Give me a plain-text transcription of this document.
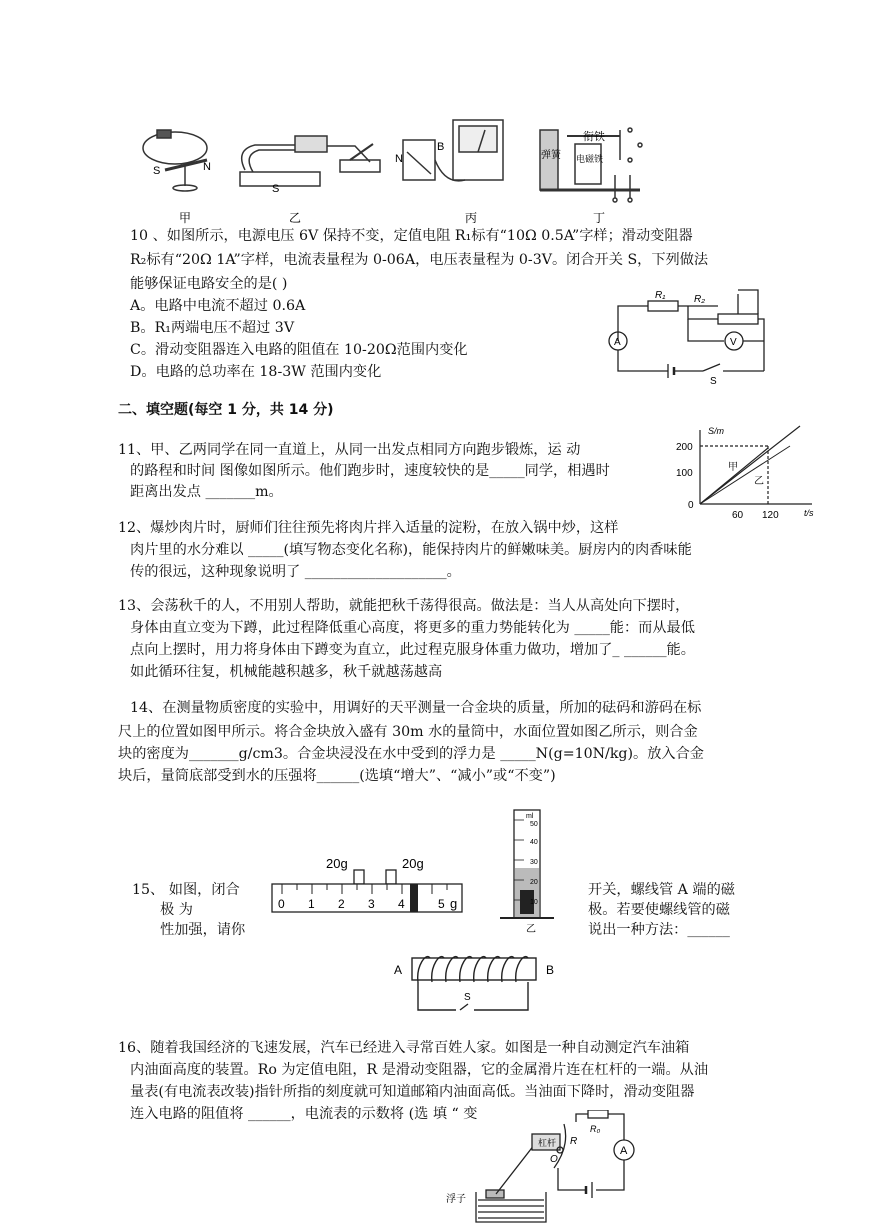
S	N
S
N
B
衔铁
弹簧 电磁铁
甲	乙	丙	丁
10 、如图所示，电源电压 6V 保持不变，定值电阻 R₁标有“10Ω 0.5A”字样；滑动变阻器
R₂标有“20Ω 1A”字样，电流表量程为 0-06A，电压表量程为 0-3V。闭合开关 S，下列做法
能够保证电路安全的是( )
A。电路中电流不超过 0.6A
B。R₁两端电压不超过 3V
C。滑动变阻器连入电路的阻值在 10-20Ω范围内变化
D。电路的总功率在 18-3W 范围内变化
R₁	R₂
A	V
S
二、填空题(每空 1 分，共 14 分)
11、甲、乙两同学在同一直道上，从同一出发点相同方向跑步锻炼，运 动
的路程和时间 图像如图所示。他们跑步时，速度较快的是_____同学，相遇时
距离出发点 _______m。
S/m
t/s
200
100
0
60 120
甲
乙
12、爆炒肉片时，厨师们往往预先将肉片拌入适量的淀粉，在放入锅中炒，这样
肉片里的水分难以 _____(填写物态变化名称)，能保持肉片的鲜嫩味美。厨房内的肉香味能
传的很远，这种现象说明了 ____________________。
13、会荡秋千的人，不用别人帮助，就能把秋千荡得很高。做法是：当人从高处向下摆时，
身体由直立变为下蹲，此过程降低重心高度，将更多的重力势能转化为 _____能：而从最低
点向上摆时，用力将身体由下蹲变为直立，此过程克服身体重力做功，增加了_ ______能。
如此循环往复，机械能越积越多，秋千就越荡越高
14、在测量物质密度的实验中，用调好的天平测量一合金块的质量，所加的砝码和游码在标
尺上的位置如图甲所示。将合金块放入盛有 30m 水的量筒中，水面位置如图乙所示，则合金
块的密度为_______g/cm3。合金块浸没在水中受到的浮力是 _____N(g=10N/kg)。放入合金
块后，量筒底部受到水的压强将______(选填“增大”、“减小”或“不变”)
20g	20g
0 1 2 3 4	5 g
ml
50
40
30
20
10
乙
15、 如图，闭合
极 为
性加强，请你
开关，螺线管 A 端的磁
极。若要使螺线管的磁
说出一种方法：______
A	B
S
16、随着我国经济的飞速发展，汽车已经进入寻常百姓人家。如图是一种自动测定汽车油箱
内油面高度的装置。Ro 为定值电阻，R 是滑动变阻器，它的金属滑片连在杠杆的一端。从油
量表(有电流表改装)指针所指的刻度就可知道邮箱内油面高低。当油面下降时，滑动变阻器
连入电路的阻值将 ______，电流表的示数将 (选 填 “ 变
杠杆
O
R
R₀
A
浮子
